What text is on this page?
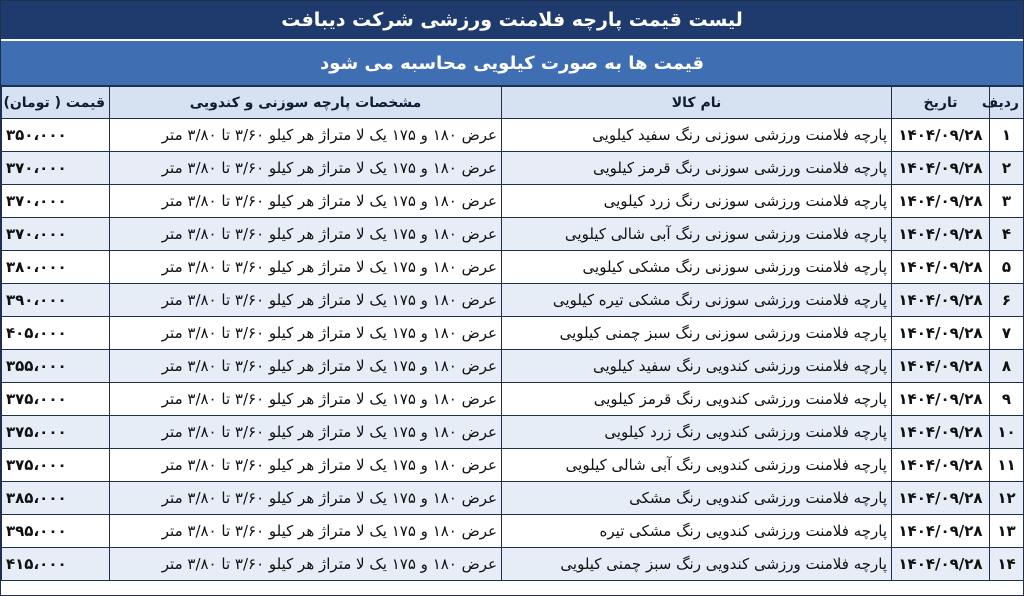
لیست قیمت پارچه فلامنت ورزشی شرکت دیبافت
قیمت ها به صورت کیلویی محاسبه می شود
ردیف	تاریخ	نام کالا	مشخصات پارچه سوزنی و کندویی	قیمت ( تومان)
۱	۱۴۰۴/۰۹/۲۸	پارچه فلامنت ورزشی سوزنی رنگ سفید کیلویی	عرض ۱۸۰ و ۱۷۵ یک لا متراژ هر کیلو ۳/۶۰ تا ۳/۸۰ متر	۳۵۰،۰۰۰
۲	۱۴۰۴/۰۹/۲۸	پارچه فلامنت ورزشی سوزنی رنگ قرمز کیلویی	عرض ۱۸۰ و ۱۷۵ یک لا متراژ هر کیلو ۳/۶۰ تا ۳/۸۰ متر	۳۷۰،۰۰۰
۳	۱۴۰۴/۰۹/۲۸	پارچه فلامنت ورزشی سوزنی رنگ زرد کیلویی	عرض ۱۸۰ و ۱۷۵ یک لا متراژ هر کیلو ۳/۶۰ تا ۳/۸۰ متر	۳۷۰،۰۰۰
۴	۱۴۰۴/۰۹/۲۸	پارچه فلامنت ورزشی سوزنی رنگ آبی شالی کیلویی	عرض ۱۸۰ و ۱۷۵ یک لا متراژ هر کیلو ۳/۶۰ تا ۳/۸۰ متر	۳۷۰،۰۰۰
۵	۱۴۰۴/۰۹/۲۸	پارچه فلامنت ورزشی سوزنی رنگ مشکی کیلویی	عرض ۱۸۰ و ۱۷۵ یک لا متراژ هر کیلو ۳/۶۰ تا ۳/۸۰ متر	۳۸۰،۰۰۰
۶	۱۴۰۴/۰۹/۲۸	پارچه فلامنت ورزشی سوزنی رنگ مشکی تیره کیلویی	عرض ۱۸۰ و ۱۷۵ یک لا متراژ هر کیلو ۳/۶۰ تا ۳/۸۰ متر	۳۹۰،۰۰۰
۷	۱۴۰۴/۰۹/۲۸	پارچه فلامنت ورزشی سوزنی رنگ سبز چمنی کیلویی	عرض ۱۸۰ و ۱۷۵ یک لا متراژ هر کیلو ۳/۶۰ تا ۳/۸۰ متر	۴۰۵،۰۰۰
۸	۱۴۰۴/۰۹/۲۸	پارچه فلامنت ورزشی کندویی رنگ سفید کیلویی	عرض ۱۸۰ و ۱۷۵ یک لا متراژ هر کیلو ۳/۶۰ تا ۳/۸۰ متر	۳۵۵،۰۰۰
۹	۱۴۰۴/۰۹/۲۸	پارچه فلامنت ورزشی کندویی رنگ قرمز کیلویی	عرض ۱۸۰ و ۱۷۵ یک لا متراژ هر کیلو ۳/۶۰ تا ۳/۸۰ متر	۳۷۵،۰۰۰
۱۰	۱۴۰۴/۰۹/۲۸	پارچه فلامنت ورزشی کندویی رنگ زرد کیلویی	عرض ۱۸۰ و ۱۷۵ یک لا متراژ هر کیلو ۳/۶۰ تا ۳/۸۰ متر	۳۷۵،۰۰۰
۱۱	۱۴۰۴/۰۹/۲۸	پارچه فلامنت ورزشی کندویی رنگ آبی شالی کیلویی	عرض ۱۸۰ و ۱۷۵ یک لا متراژ هر کیلو ۳/۶۰ تا ۳/۸۰ متر	۳۷۵،۰۰۰
۱۲	۱۴۰۴/۰۹/۲۸	پارچه فلامنت ورزشی کندویی رنگ مشکی	عرض ۱۸۰ و ۱۷۵ یک لا متراژ هر کیلو ۳/۶۰ تا ۳/۸۰ متر	۳۸۵،۰۰۰
۱۳	۱۴۰۴/۰۹/۲۸	پارچه فلامنت ورزشی کندویی رنگ مشکی تیره	عرض ۱۸۰ و ۱۷۵ یک لا متراژ هر کیلو ۳/۶۰ تا ۳/۸۰ متر	۳۹۵،۰۰۰
۱۴	۱۴۰۴/۰۹/۲۸	پارچه فلامنت ورزشی کندویی رنگ سبز چمنی کیلویی	عرض ۱۸۰ و ۱۷۵ یک لا متراژ هر کیلو ۳/۶۰ تا ۳/۸۰ متر	۴۱۵،۰۰۰
